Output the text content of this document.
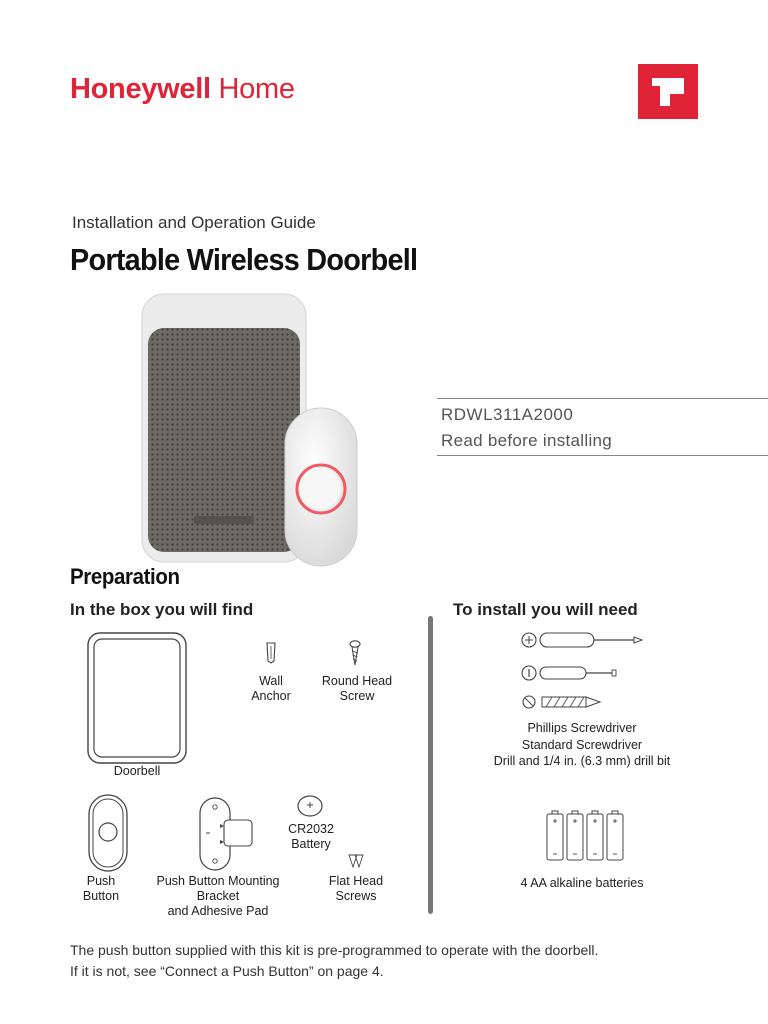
Honeywell Home
Installation and Operation Guide
Portable Wireless Doorbell
RDWL311A2000
Read before installing
Preparation
In the box you will find	To install you will need
Doorbell
Wall
Anchor
Round Head
Screw
Push
Button
Push Button Mounting
Bracket
and Adhesive Pad
CR2032
Battery
Flat Head
Screws
Phillips Screwdriver
Standard Screwdriver
Drill and 1/4 in. (6.3 mm) drill bit
4 AA alkaline batteries
The push button supplied with this kit is pre-programmed to operate with the doorbell.
If it is not, see “Connect a Push Button” on page 4.
